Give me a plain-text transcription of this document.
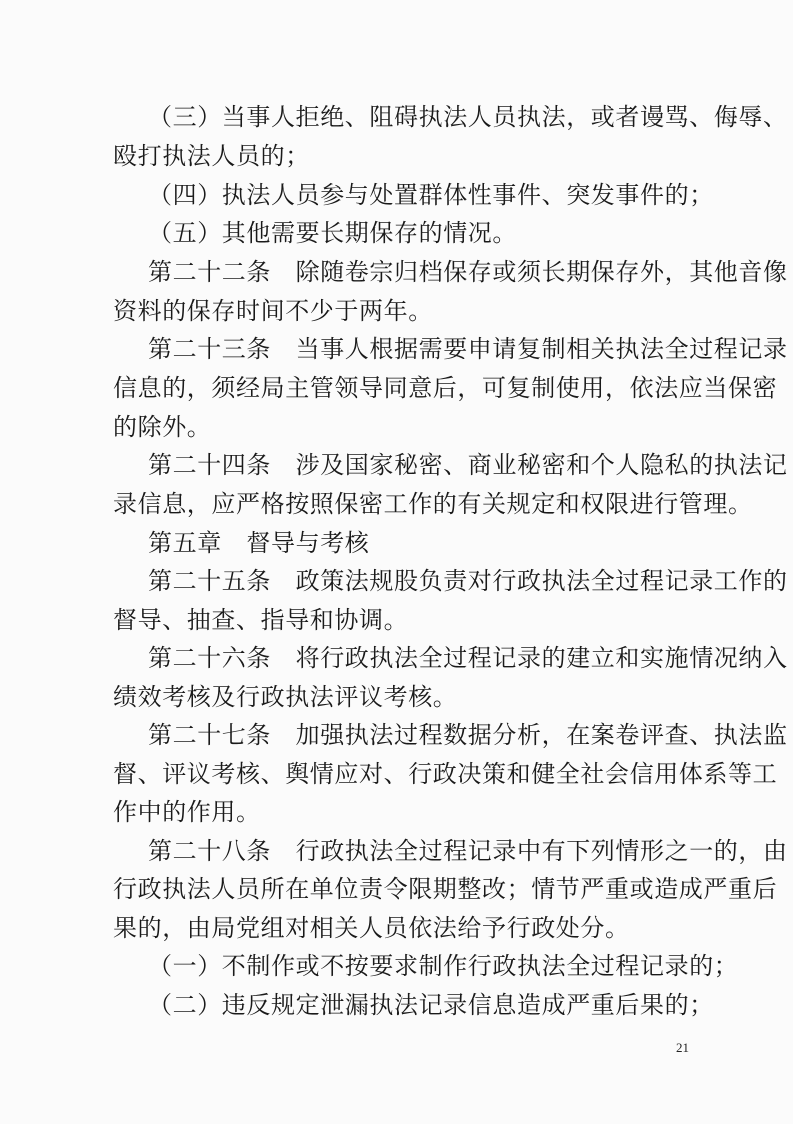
（三）当事人拒绝、阻碍执法人员执法，或者谩骂、侮辱、
殴打执法人员的；
（四）执法人员参与处置群体性事件、突发事件的；
（五）其他需要长期保存的情况。
第二十二条　除随卷宗归档保存或须长期保存外，其他音像
资料的保存时间不少于两年。
第二十三条　当事人根据需要申请复制相关执法全过程记录
信息的，须经局主管领导同意后，可复制使用，依法应当保密
的除外。
第二十四条　涉及国家秘密、商业秘密和个人隐私的执法记
录信息，应严格按照保密工作的有关规定和权限进行管理。
第五章　督导与考核
第二十五条　政策法规股负责对行政执法全过程记录工作的
督导、抽查、指导和协调。
第二十六条　将行政执法全过程记录的建立和实施情况纳入
绩效考核及行政执法评议考核。
第二十七条　加强执法过程数据分析，在案卷评查、执法监
督、评议考核、舆情应对、行政决策和健全社会信用体系等工
作中的作用。
第二十八条　行政执法全过程记录中有下列情形之一的，由
行政执法人员所在单位责令限期整改；情节严重或造成严重后
果的，由局党组对相关人员依法给予行政处分。
（一）不制作或不按要求制作行政执法全过程记录的；
（二）违反规定泄漏执法记录信息造成严重后果的；
21
